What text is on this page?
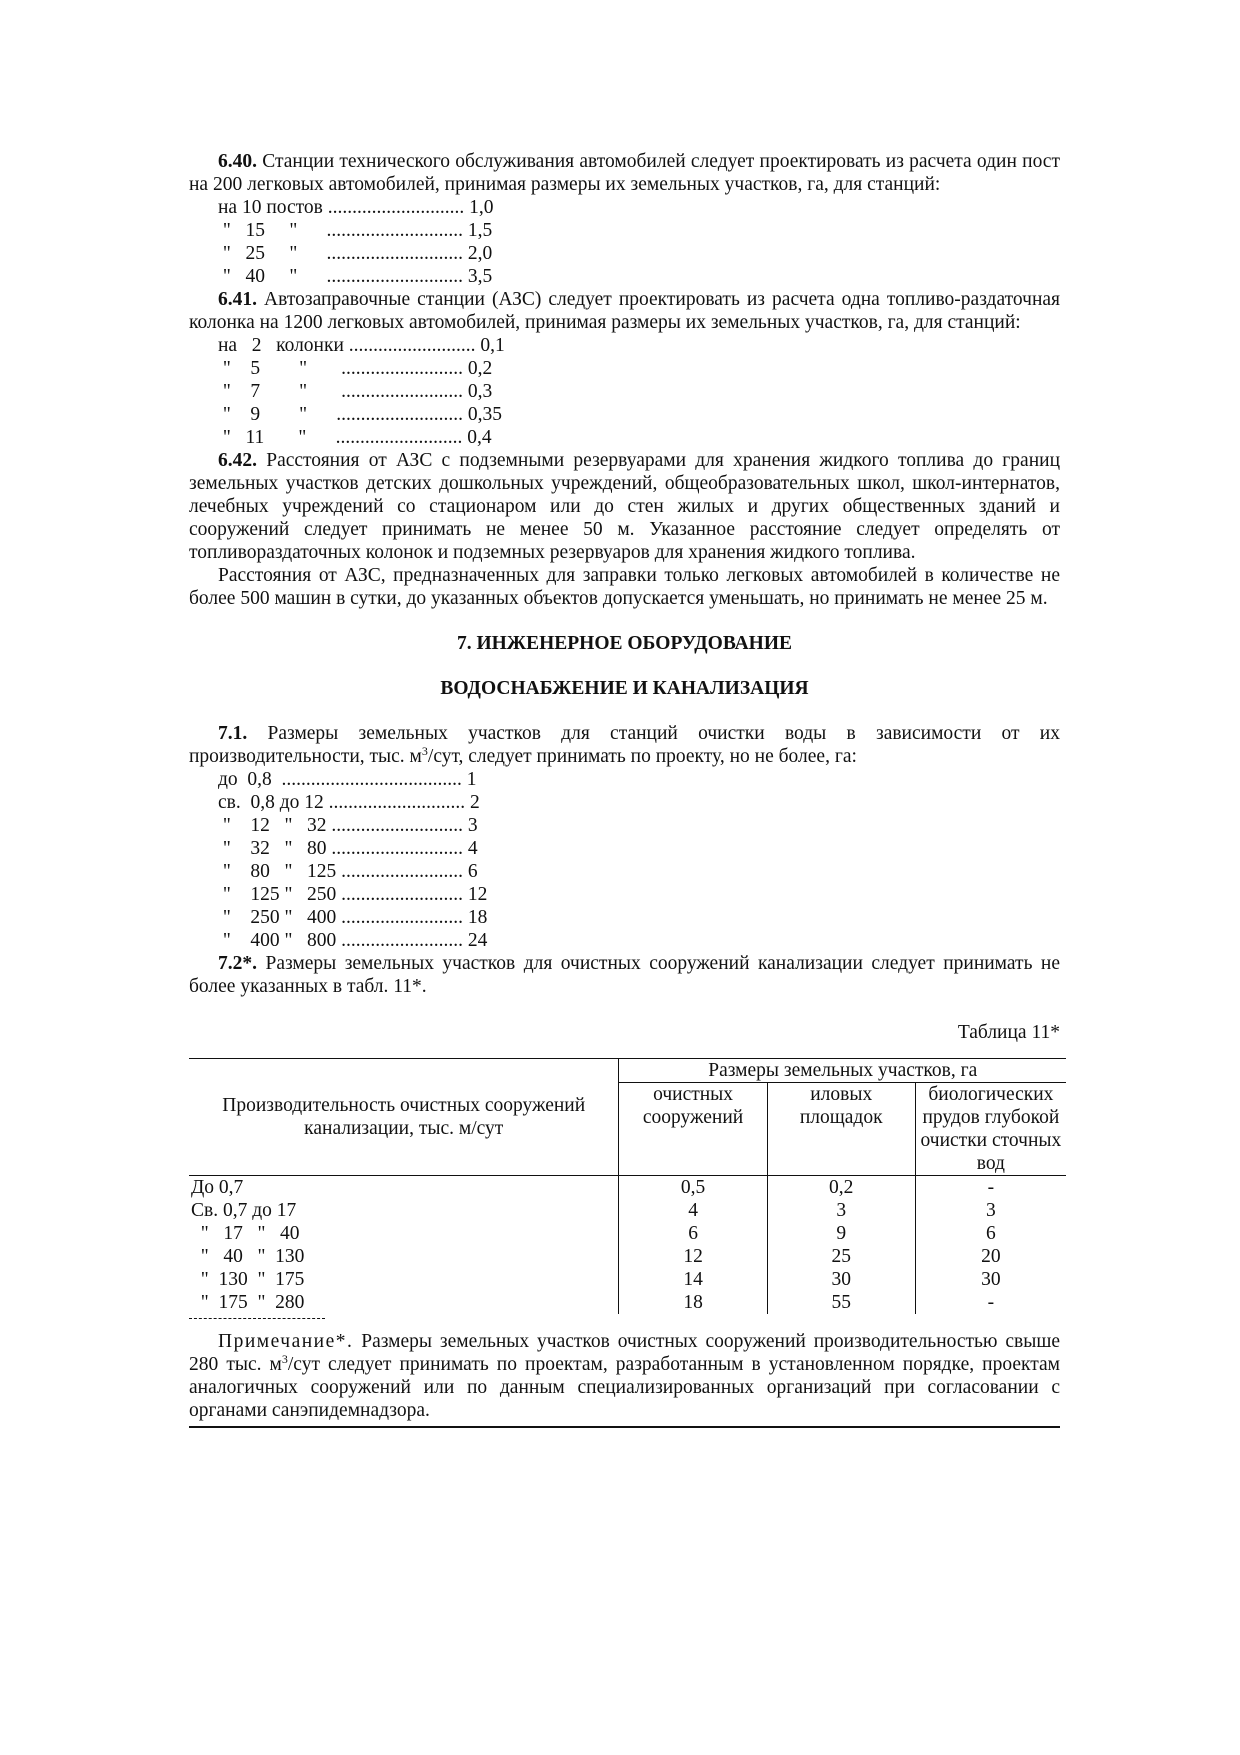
6.40. Станции технического обслуживания автомобилей следует проектировать из расчета один пост на 200 легковых автомобилей, принимая размеры их земельных участков, га, для станций:

на 10 постов ............................ 1,0
"   15     "      ............................ 1,5
"   25     "      ............................ 2,0
"   40     "      ............................ 3,5

6.41. Автозаправочные станции (АЗС) следует проектировать из расчета одна топливо-раздаточная колонка на 1200 легковых автомобилей, принимая размеры их земельных участков, га, для станций:

на   2   колонки .......................... 0,1
"    5        "       ......................... 0,2
"    7        "       ......................... 0,3
"    9        "      .......................... 0,35
"   11       "      .......................... 0,4

6.42. Расстояния от АЗС с подземными резервуарами для хранения жидкого топлива до границ земельных участков детских дошкольных учреждений, общеобразовательных школ, школ-интернатов, лечебных учреждений со стационаром или до стен жилых и других общественных зданий и сооружений следует принимать не менее 50 м. Указанное расстояние следует определять от топливораздаточных колонок и подземных резервуаров для хранения жидкого топлива.

Расстояния от АЗС, предназначенных для заправки только легковых автомобилей в количестве не более 500 машин в сутки, до указанных объектов допускается уменьшать, но принимать не менее 25 м.

7. ИНЖЕНЕРНОЕ ОБОРУДОВАНИЕ

ВОДОСНАБЖЕНИЕ И КАНАЛИЗАЦИЯ

7.1. Размеры земельных участков для станций очистки воды в зависимости от их производительности, тыс. $м^3$/сут, следует принимать по проекту, но не более, га:

до  0,8  ..................................... 1
св.  0,8 до 12 ............................ 2
"    12   "   32 ........................... 3
"    32   "   80 ........................... 4
"    80   "   125 ......................... 6
"    125 "   250 ......................... 12
"    250 "   400 ......................... 18
"    400 "   800 ......................... 24

7.2*. Размеры земельных участков для очистных сооружений канализации следует принимать не более указанных в табл. 11*.

Таблица 11*

Производительность очистных сооружений канализации, тыс. м/сут	Размеры земельных участков, га		
	очистных сооружений	иловых площадок	биологических прудов глубокой очистки сточных вод
До 0,7	0,5	0,2	-
Св. 0,7 до 17	4	3	3
"   17   "   40	6	9	6
"   40   "  130	12	25	20
"  130  "  175	14	30	30
"  175  "  280	18	55	-

Примечание*. Размеры земельных участков очистных сооружений производительностью свыше 280 тыс. $м^3$/сут следует принимать по проектам, разработанным в установленном порядке, проектам аналогичных сооружений или по данным специализированных организаций при согласовании с органами санэпидемнадзора.
